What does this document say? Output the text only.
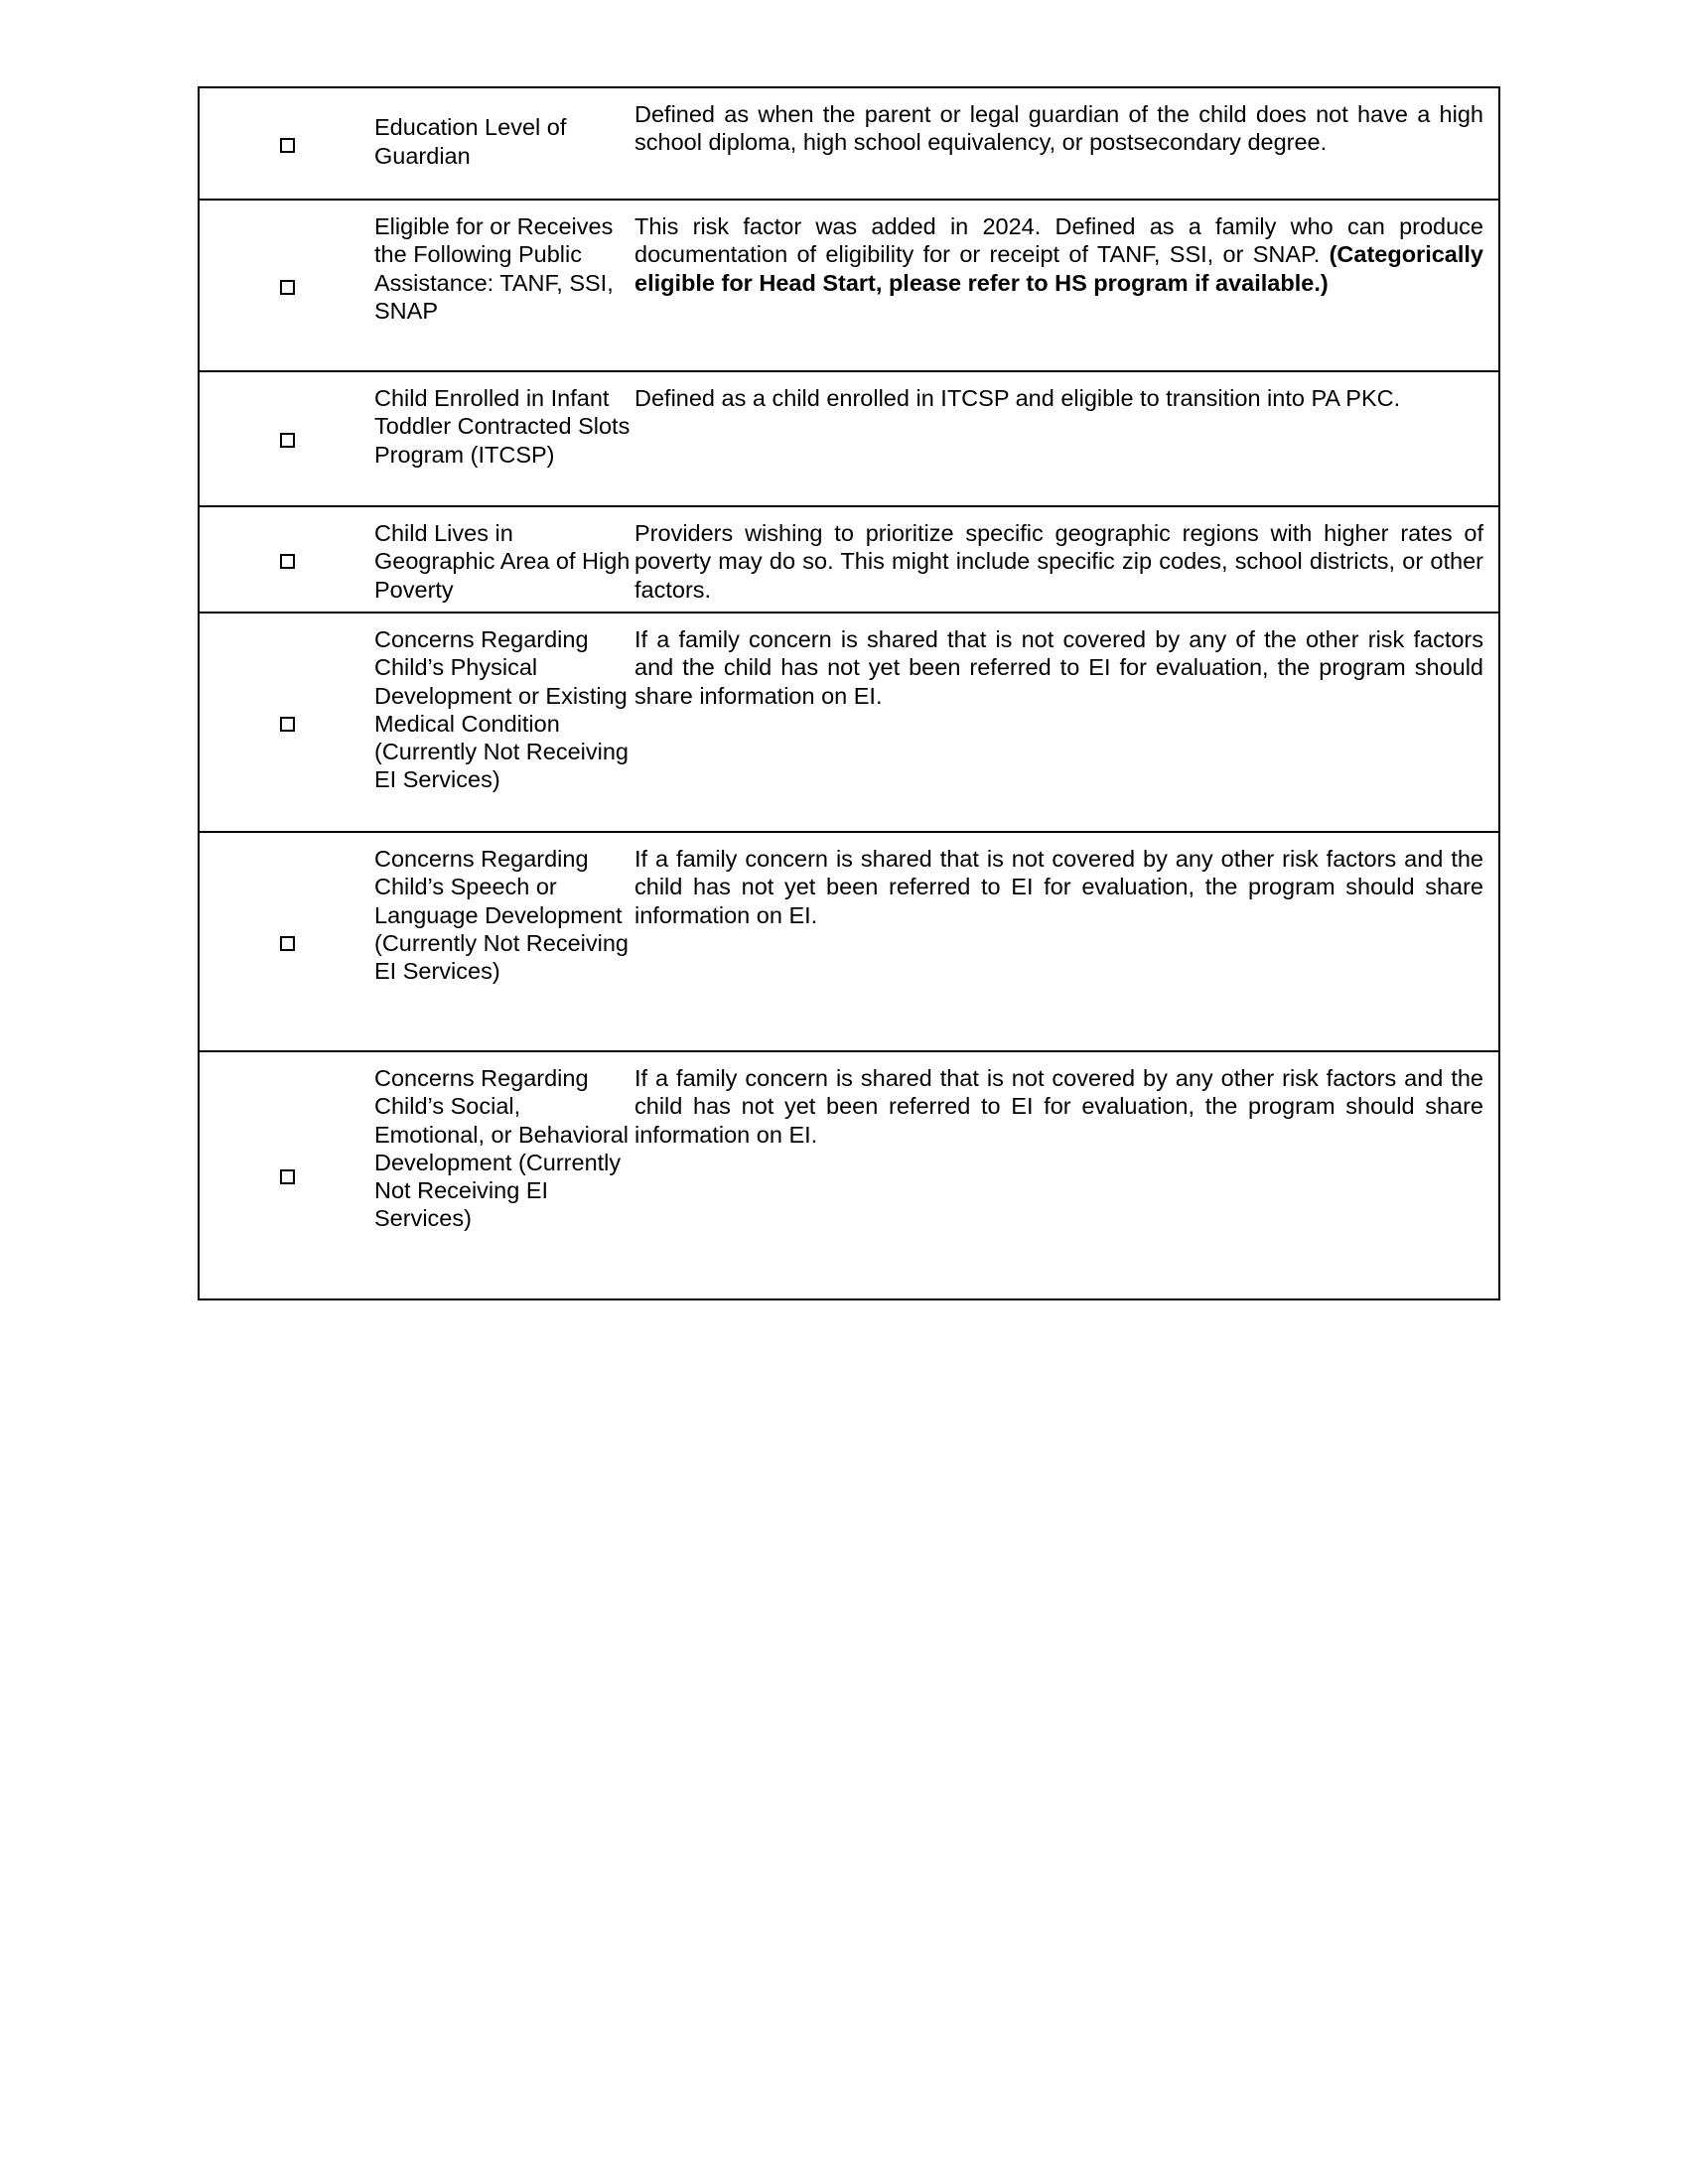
	Education Level of Guardian	Defined as when the parent or legal guardian of the child does not have a high school diploma, high school equivalency, or postsecondary degree.
	Eligible for or Receives the Following Public Assistance: TANF, SSI, SNAP	This risk factor was added in 2024. Defined as a family who can produce documentation of eligibility for or receipt of TANF, SSI, or SNAP. (Categorically eligible for Head Start, please refer to HS program if available.)
	Child Enrolled in Infant Toddler Contracted Slots Program (ITCSP)	Defined as a child enrolled in ITCSP and eligible to transition into PA PKC.
	Child Lives in Geographic Area of High Poverty	Providers wishing to prioritize specific geographic regions with higher rates of poverty may do so. This might include specific zip codes, school districts, or other factors.
	Concerns Regarding Child’s Physical Development or Existing Medical Condition (Currently Not Receiving EI Services)	If a family concern is shared that is not covered by any of the other risk factors and the child has not yet been referred to EI for evaluation, the program should share information on EI.
	Concerns Regarding Child’s Speech or Language Development (Currently Not Receiving EI Services)	If a family concern is shared that is not covered by any other risk factors and the child has not yet been referred to EI for evaluation, the program should share information on EI.
	Concerns Regarding Child’s Social, Emotional, or Behavioral Development (Currently Not Receiving EI Services)	If a family concern is shared that is not covered by any other risk factors and the child has not yet been referred to EI for evaluation, the program should share information on EI.
